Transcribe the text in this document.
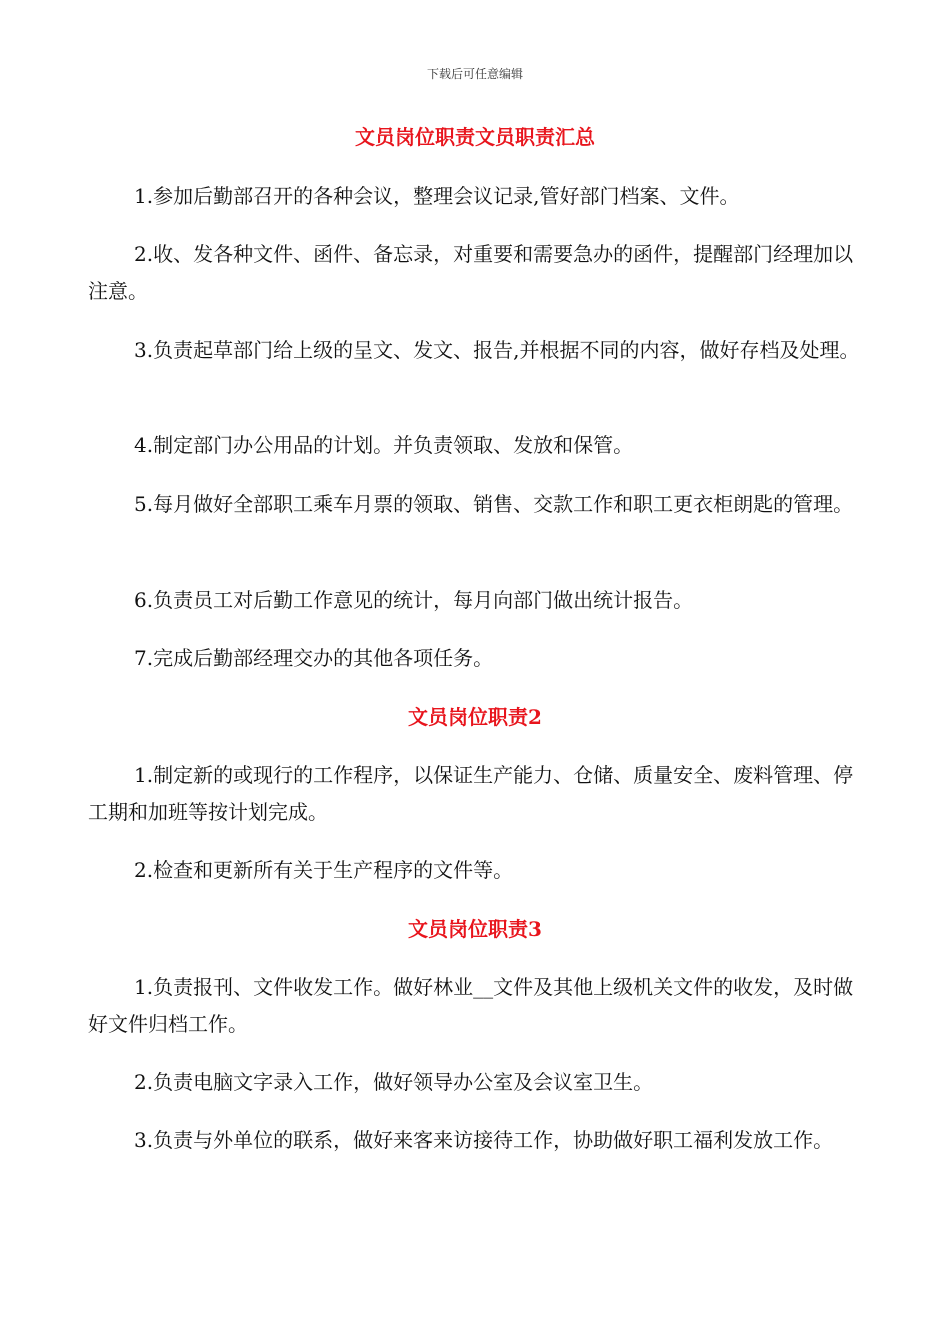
下载后可任意编辑
文员岗位职责文员职责汇总

1.参加后勤部召开的各种会议，整理会议记录,管好部门档案、文件。

2.收、发各种文件、函件、备忘录，对重要和需要急办的函件，提醒部门经理加以注意。

3.负责起草部门给上级的呈文、发文、报告,并根据不同的内容，做好存档及处理。

4.制定部门办公用品的计划。并负责领取、发放和保管。

5.每月做好全部职工乘车月票的领取、销售、交款工作和职工更衣柜朗匙的管理。

6.负责员工对后勤工作意见的统计，每月向部门做出统计报告。

7.完成后勤部经理交办的其他各项任务。

文员岗位职责2

1.制定新的或现行的工作程序，以保证生产能力、仓储、质量安全、废料管理、停工期和加班等按计划完成。

2.检查和更新所有关于生产程序的文件等。

文员岗位职责3

1.负责报刊、文件收发工作。做好林业__文件及其他上级机关文件的收发，及时做好文件归档工作。

2.负责电脑文字录入工作，做好领导办公室及会议室卫生。

3.负责与外单位的联系，做好来客来访接待工作，协助做好职工福利发放工作。
